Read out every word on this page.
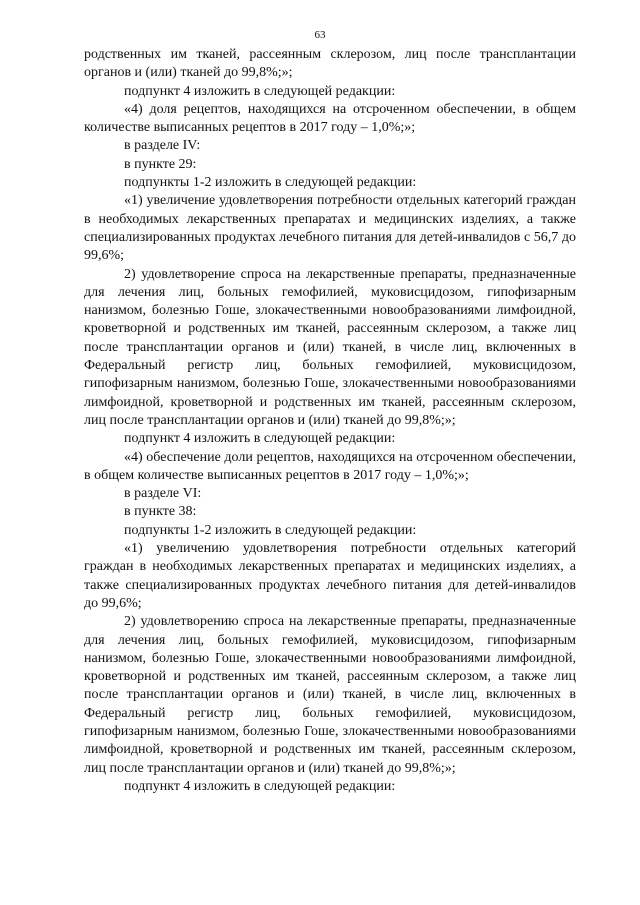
63

родственных им тканей, рассеянным склерозом, лиц после трансплантации органов и (или) тканей до 99,8%;»;

подпункт 4 изложить в следующей редакции:

«4) доля рецептов, находящихся на отсроченном обеспечении, в общем количестве выписанных рецептов в 2017 году – 1,0%;»;

в разделе IV:

в пункте 29:

подпункты 1-2 изложить в следующей редакции:

«1) увеличение удовлетворения потребности отдельных категорий граждан в необходимых лекарственных препаратах и медицинских изделиях, а также специализированных продуктах лечебного питания для детей-инвалидов с 56,7 до 99,6%;

2) удовлетворение спроса на лекарственные препараты, предназначенные для лечения лиц, больных гемофилией, муковисцидозом, гипофизарным нанизмом, болезнью Гоше, злокачественными новообразованиями лимфоидной, кроветворной и родственных им тканей, рассеянным склерозом, а также лиц после трансплантации органов и (или) тканей, в числе лиц, включенных в Федеральный регистр лиц, больных гемофилией, муковисцидозом, гипофизарным нанизмом, болезнью Гоше, злокачественными новообразованиями лимфоидной, кроветворной и родственных им тканей, рассеянным склерозом, лиц после трансплантации органов и (или) тканей до 99,8%;»;

подпункт 4 изложить в следующей редакции:

«4) обеспечение доли рецептов, находящихся на отсроченном обеспечении, в общем количестве выписанных рецептов в 2017 году – 1,0%;»;

в разделе VI:

в пункте 38:

подпункты 1-2 изложить в следующей редакции:

«1) увеличению удовлетворения потребности отдельных категорий граждан в необходимых лекарственных препаратах и медицинских изделиях, а также специализированных продуктах лечебного питания для детей-инвалидов до 99,6%;

2) удовлетворению спроса на лекарственные препараты, предназначенные для лечения лиц, больных гемофилией, муковисцидозом, гипофизарным нанизмом, болезнью Гоше, злокачественными новообразованиями лимфоидной, кроветворной и родственных им тканей, рассеянным склерозом, а также лиц после трансплантации органов и (или) тканей, в числе лиц, включенных в Федеральный регистр лиц, больных гемофилией, муковисцидозом, гипофизарным нанизмом, болезнью Гоше, злокачественными новообразованиями лимфоидной, кроветворной и родственных им тканей, рассеянным склерозом, лиц после трансплантации органов и (или) тканей до 99,8%;»;

подпункт 4 изложить в следующей редакции:
